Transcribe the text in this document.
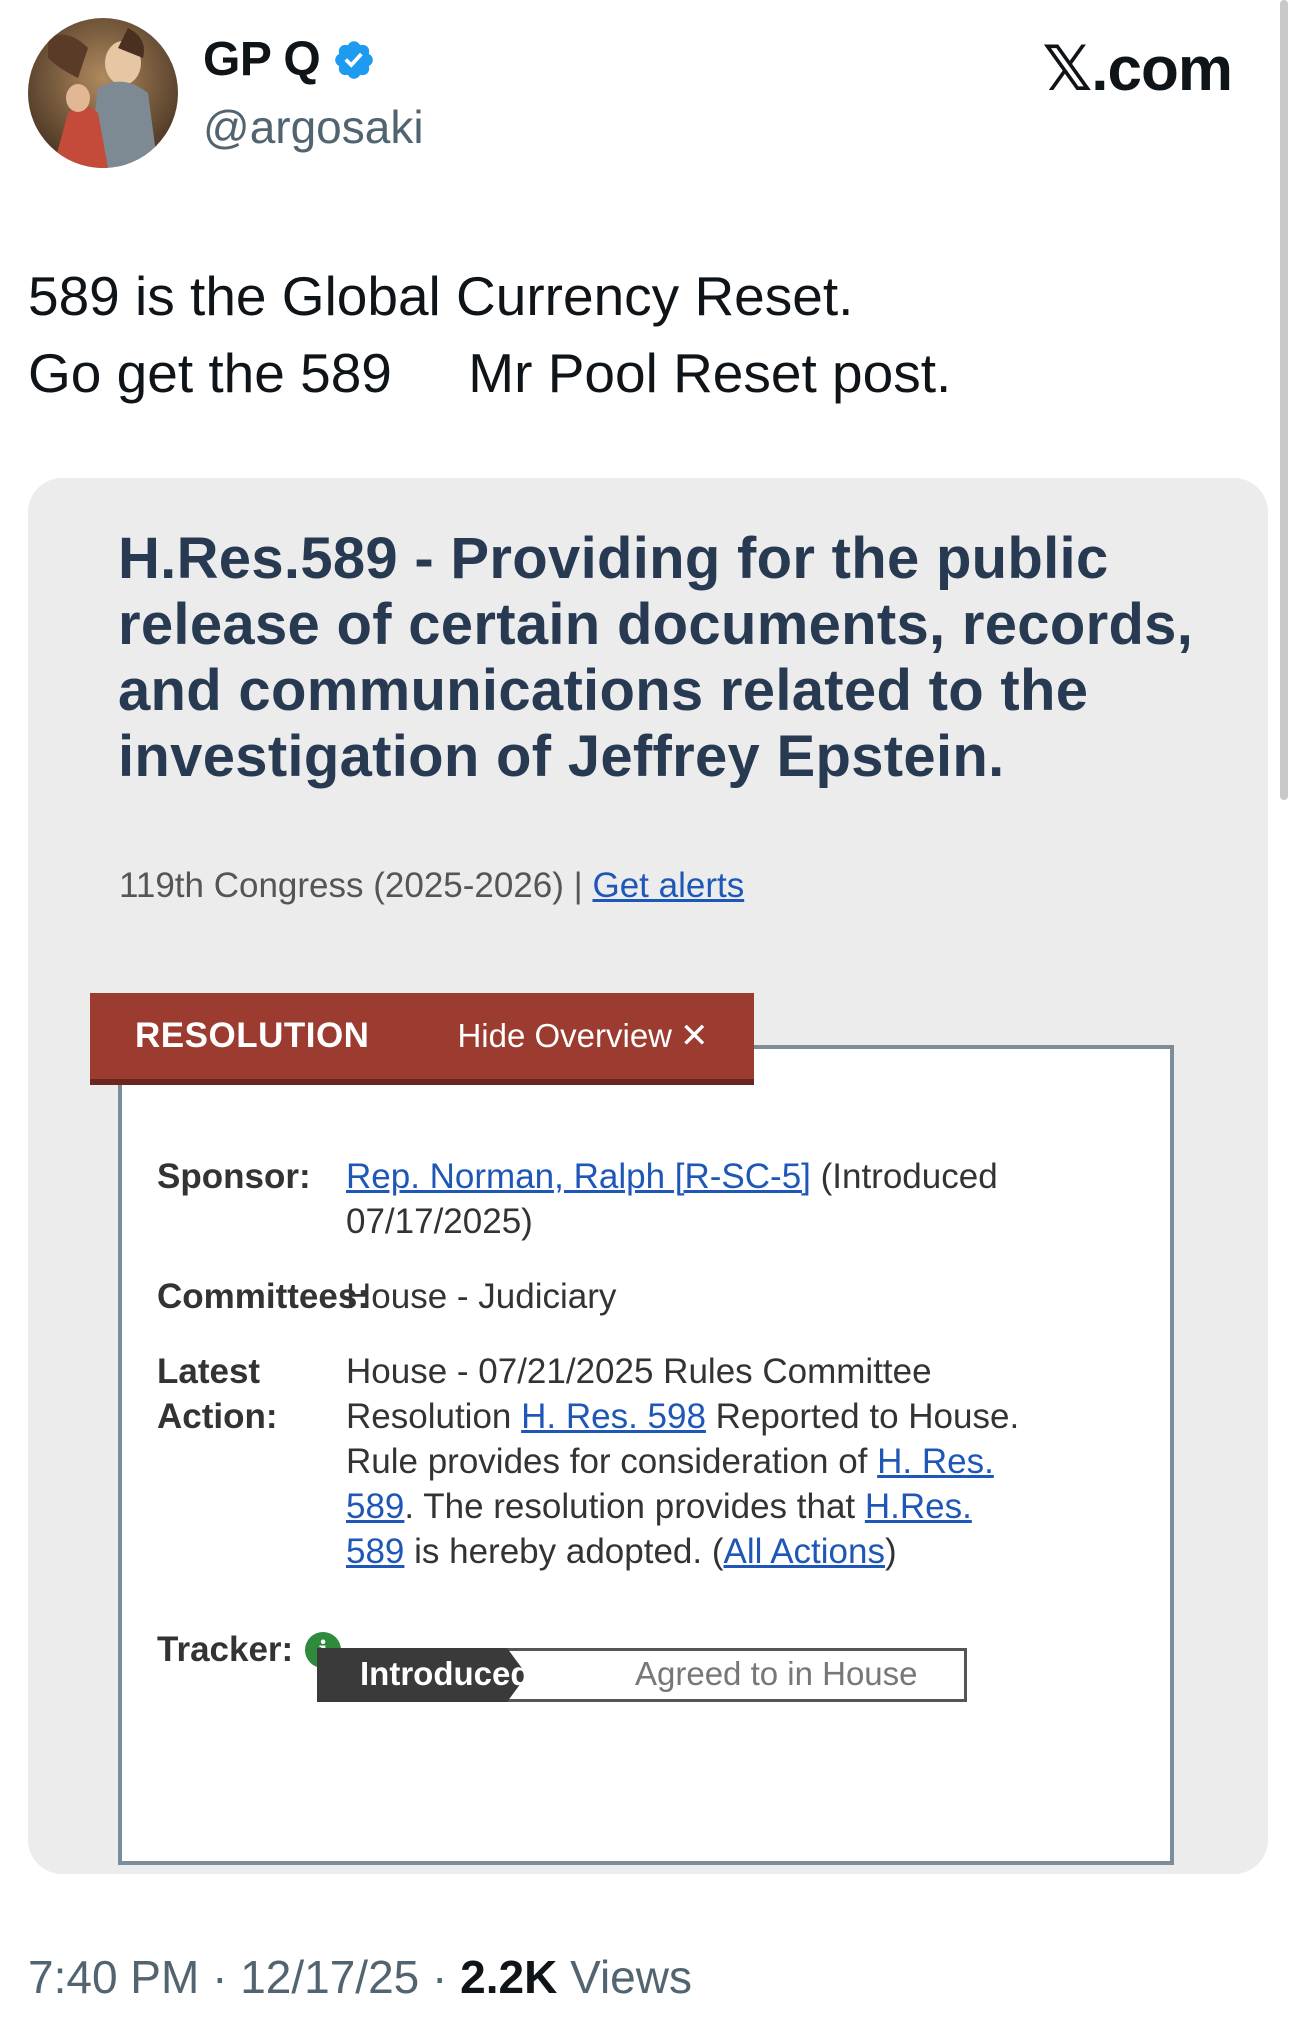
GP Q
@argosaki
𝕏.com
589 is the Global Currency Reset.
Go get the 589     Mr Pool Reset post.
H.Res.589 - Providing for the public release of certain documents, records, and communications related to the investigation of Jeffrey Epstein.
119th Congress (2025-2026) | Get alerts
Sponsor: Rep. Norman, Ralph [R-SC-5] (Introduced 07/17/2025)
Committees:
House - Judiciary
Latest
Action:
House - 07/21/2025 Rules Committee Resolution H. Res. 598 Reported to House. Rule provides for consideration of H. Res. 589. The resolution provides that H.Res. 589 is hereby adopted. (All Actions)
Tracker:
Introduced	Agreed to in House
RESOLUTION	Hide Overview ✕
7:40 PM · 12/17/25 · 2.2K Views
